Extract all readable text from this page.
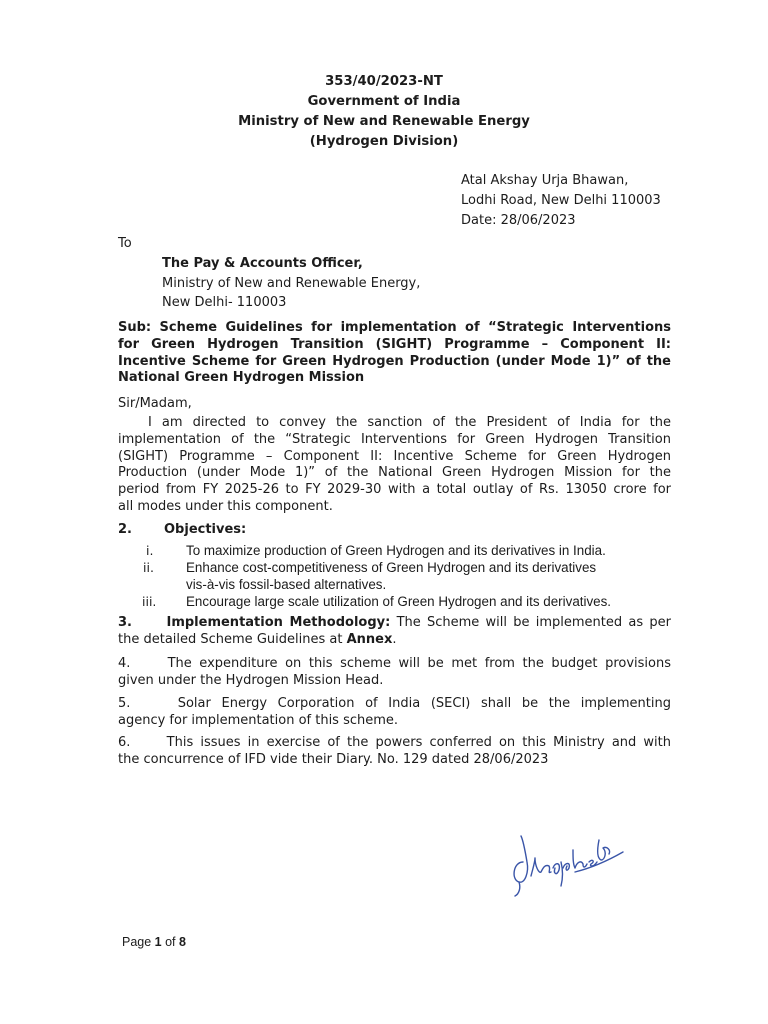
353/40/2023-NT
Government of India
Ministry of New and Renewable Energy
(Hydrogen Division)
Atal Akshay Urja Bhawan,
Lodhi Road, New Delhi 110003
Date: 28/06/2023
To
The Pay & Accounts Officer,
Ministry of New and Renewable Energy,
New Delhi- 110003
Sub: Scheme Guidelines for implementation of “Strategic Interventions
for Green Hydrogen Transition (SIGHT) Programme – Component II:
Incentive Scheme for Green Hydrogen Production (under Mode 1)” of the
National Green Hydrogen Mission
Sir/Madam,
I am directed to convey the sanction of the President of India for the
implementation of the “Strategic Interventions for Green Hydrogen Transition
(SIGHT) Programme – Component II: Incentive Scheme for Green Hydrogen
Production (under Mode 1)” of the National Green Hydrogen Mission for the
period from FY 2025-26 to FY 2029-30 with a total outlay of Rs. 13050 crore for
all modes under this component.
2. Objectives:
i. To maximize production of Green Hydrogen and its derivatives in India.
ii. Enhance cost-competitiveness of Green Hydrogen and its derivatives
vis-à-vis fossil-based alternatives.
iii. Encourage large scale utilization of Green Hydrogen and its derivatives.
3.	Implementation Methodology: The Scheme will be implemented as per
the detailed Scheme Guidelines at Annex.
4.	The expenditure on this scheme will be met from the budget provisions
given under the Hydrogen Mission Head.
5.	Solar Energy Corporation of India (SECI) shall be the implementing
agency for implementation of this scheme.
6.	This issues in exercise of the powers conferred on this Ministry and with
the concurrence of IFD vide their Diary. No. 129 dated 28/06/2023
Page 1 of 8
